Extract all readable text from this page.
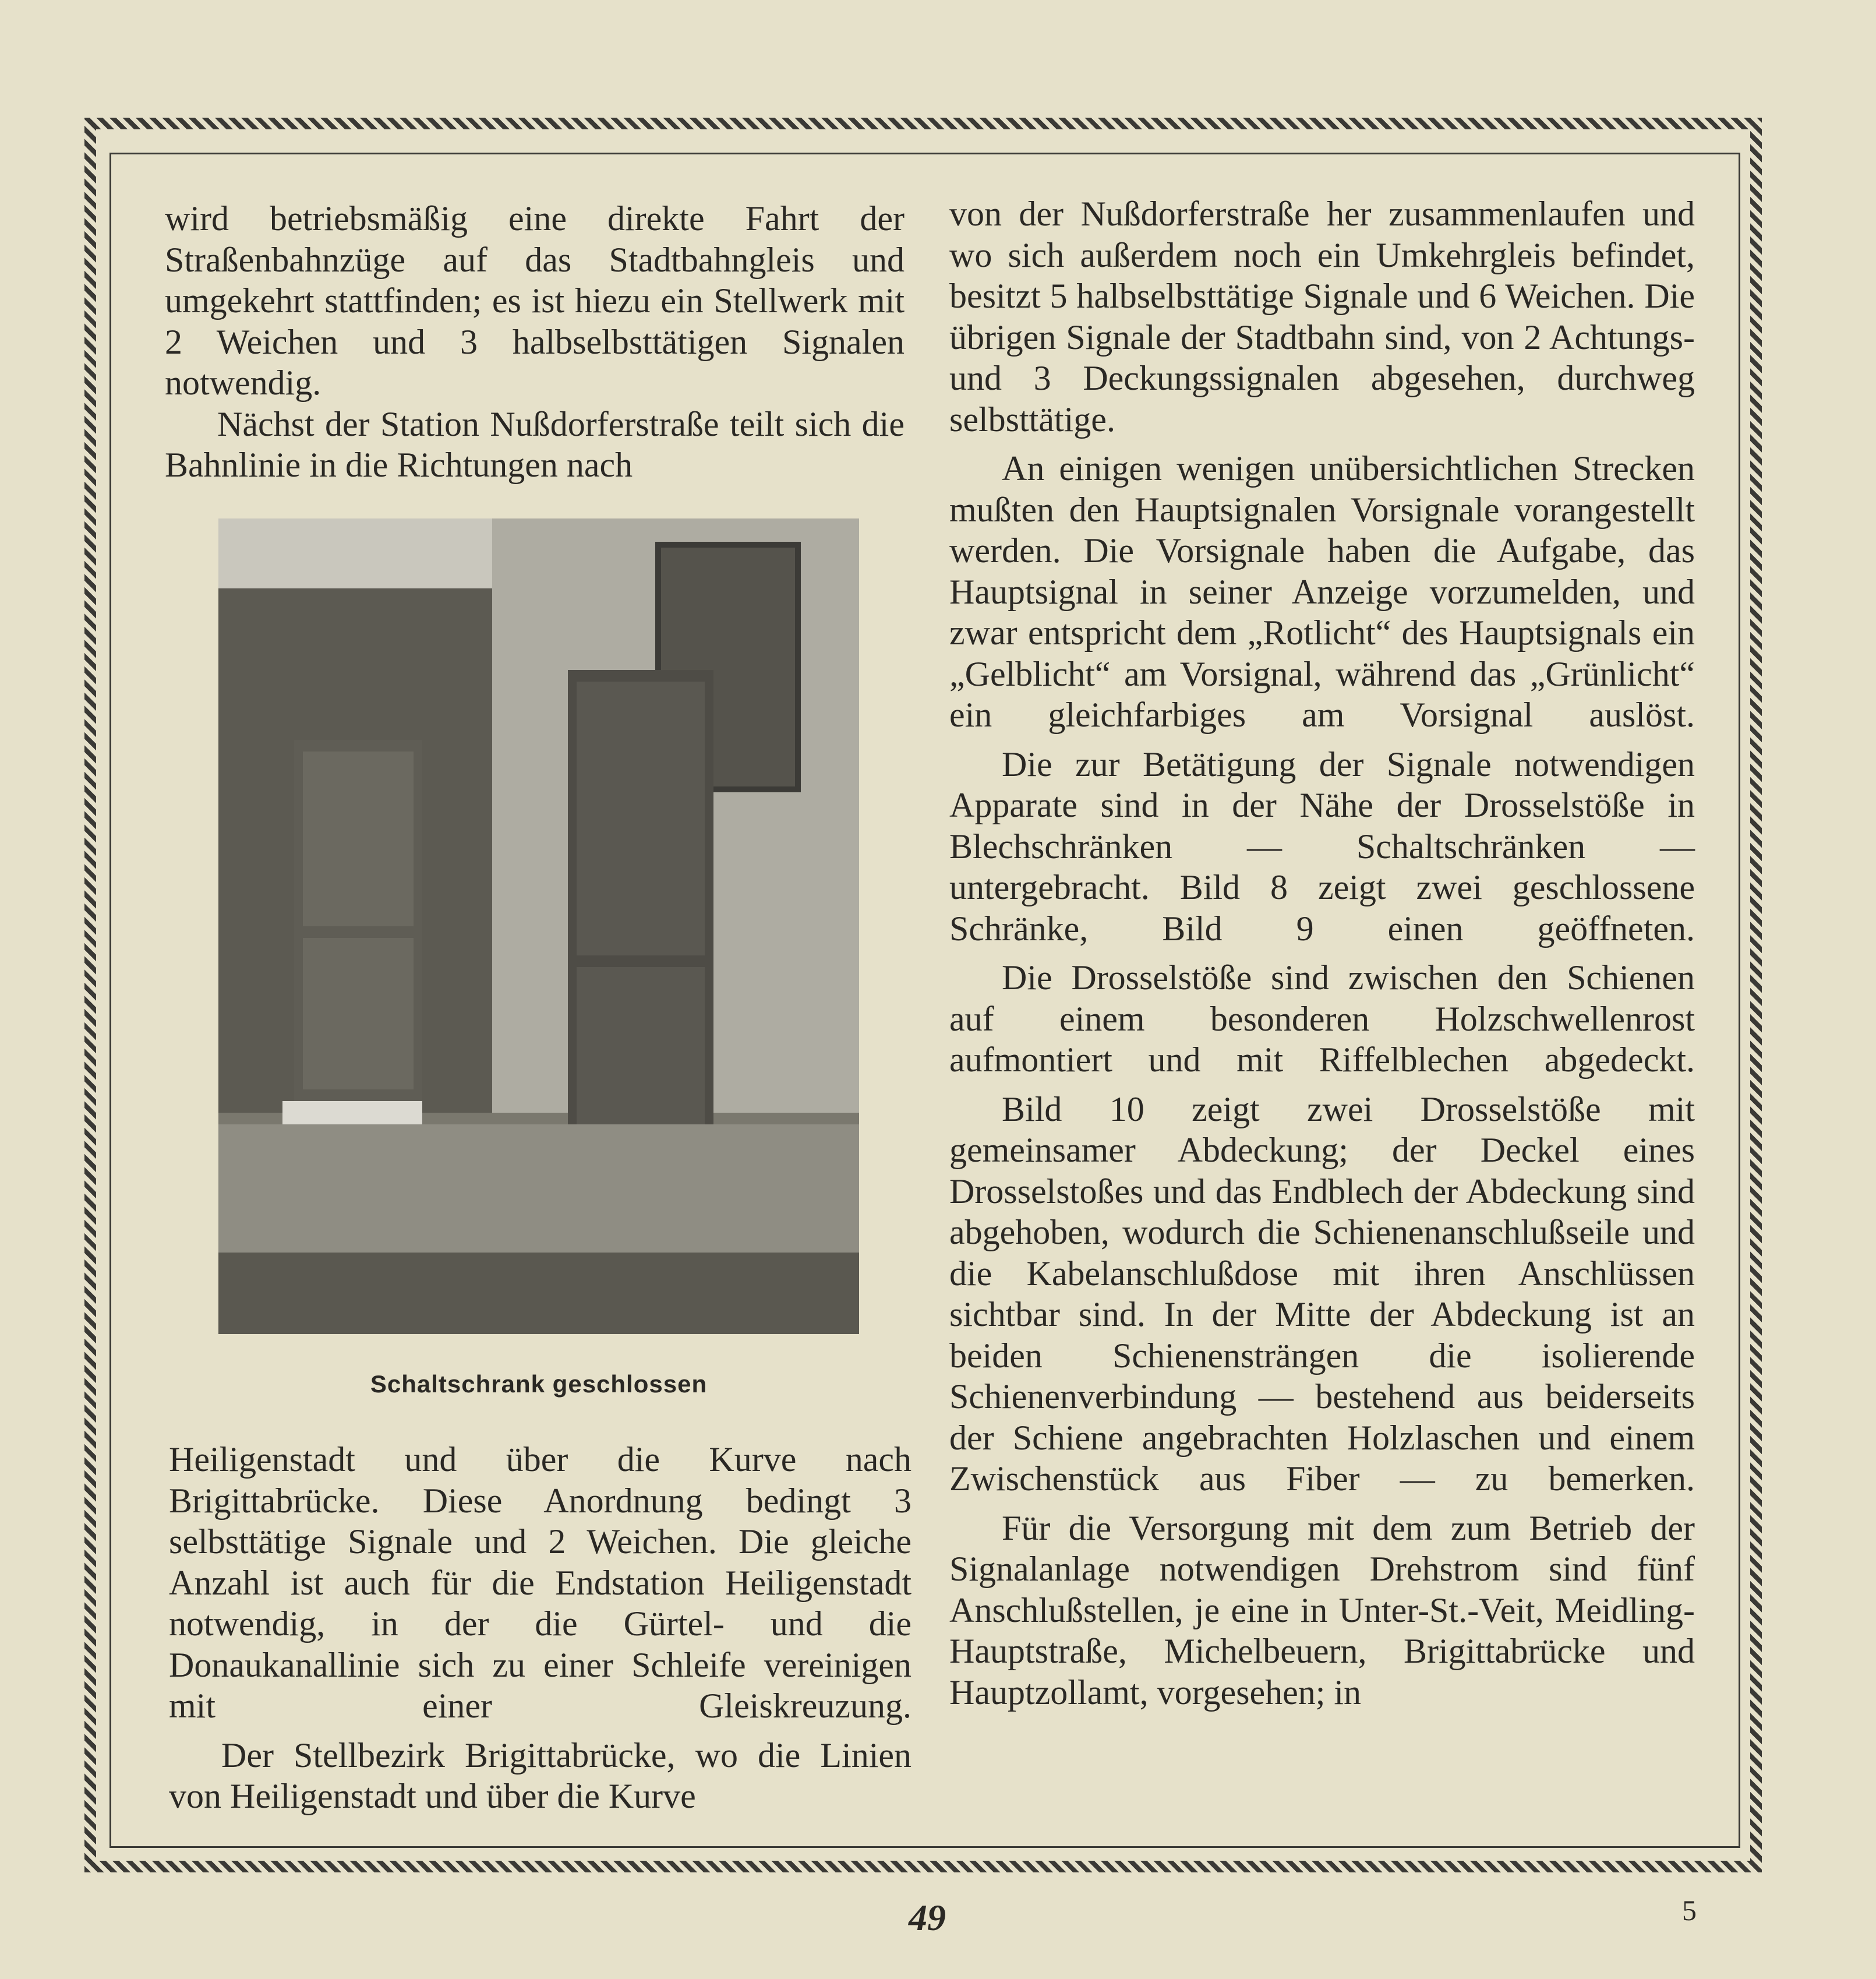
wird betriebsmäßig eine direkte Fahrt der Straßenbahnzüge auf das Stadtbahngleis und umgekehrt stattfinden; es ist hiezu ein Stellwerk mit 2 Weichen und 3 halbselbsttätigen Signalen notwendig.

Nächst der Station Nußdorferstraße teilt sich die Bahnlinie in die Richtungen nach

Schaltschrank geschlossen

Heiligenstadt und über die Kurve nach Brigittabrücke. Diese Anordnung bedingt 3 selbsttätige Signale und 2 Weichen. Die gleiche Anzahl ist auch für die Endstation Heiligenstadt notwendig, in der die Gürtel- und die Donaukanallinie sich zu einer Schleife vereinigen mit einer Gleiskreuzung.

Der Stellbezirk Brigittabrücke, wo die Linien von Heiligenstadt und über die Kurve

von der Nußdorferstraße her zusammenlaufen und wo sich außerdem noch ein Umkehrgleis befindet, besitzt 5 halbselbsttätige Signale und 6 Weichen. Die übrigen Signale der Stadtbahn sind, von 2 Achtungs- und 3 Deckungssignalen abgesehen, durchweg selbsttätige.

An einigen wenigen unübersichtlichen Strecken mußten den Hauptsignalen Vorsignale vorangestellt werden. Die Vorsignale haben die Aufgabe, das Hauptsignal in seiner Anzeige vorzumelden, und zwar entspricht dem „Rotlicht“ des Hauptsignals ein „Gelblicht“ am Vorsignal, während das „Grünlicht“ ein gleichfarbiges am Vorsignal auslöst.

Die zur Betätigung der Signale notwendigen Apparate sind in der Nähe der Drosselstöße in Blechschränken — Schaltschränken — untergebracht. Bild 8 zeigt zwei geschlossene Schränke, Bild 9 einen geöffneten.

Die Drosselstöße sind zwischen den Schienen auf einem besonderen Holzschwellenrost aufmontiert und mit Riffelblechen abgedeckt.

Bild 10 zeigt zwei Drosselstöße mit gemeinsamer Abdeckung; der Deckel eines Drosselstoßes und das Endblech der Abdeckung sind abgehoben, wodurch die Schienenanschlußseile und die Kabelanschlußdose mit ihren Anschlüssen sichtbar sind. In der Mitte der Abdeckung ist an beiden Schienensträngen die isolierende Schienenverbindung — bestehend aus beiderseits der Schiene angebrachten Holzlaschen und einem Zwischenstück aus Fiber — zu bemerken.

Für die Versorgung mit dem zum Betrieb der Signalanlage notwendigen Drehstrom sind fünf Anschlußstellen, je eine in Unter-St.-Veit, Meidling-Hauptstraße, Michelbeuern, Brigittabrücke und Hauptzollamt, vorgesehen; in

49	5
